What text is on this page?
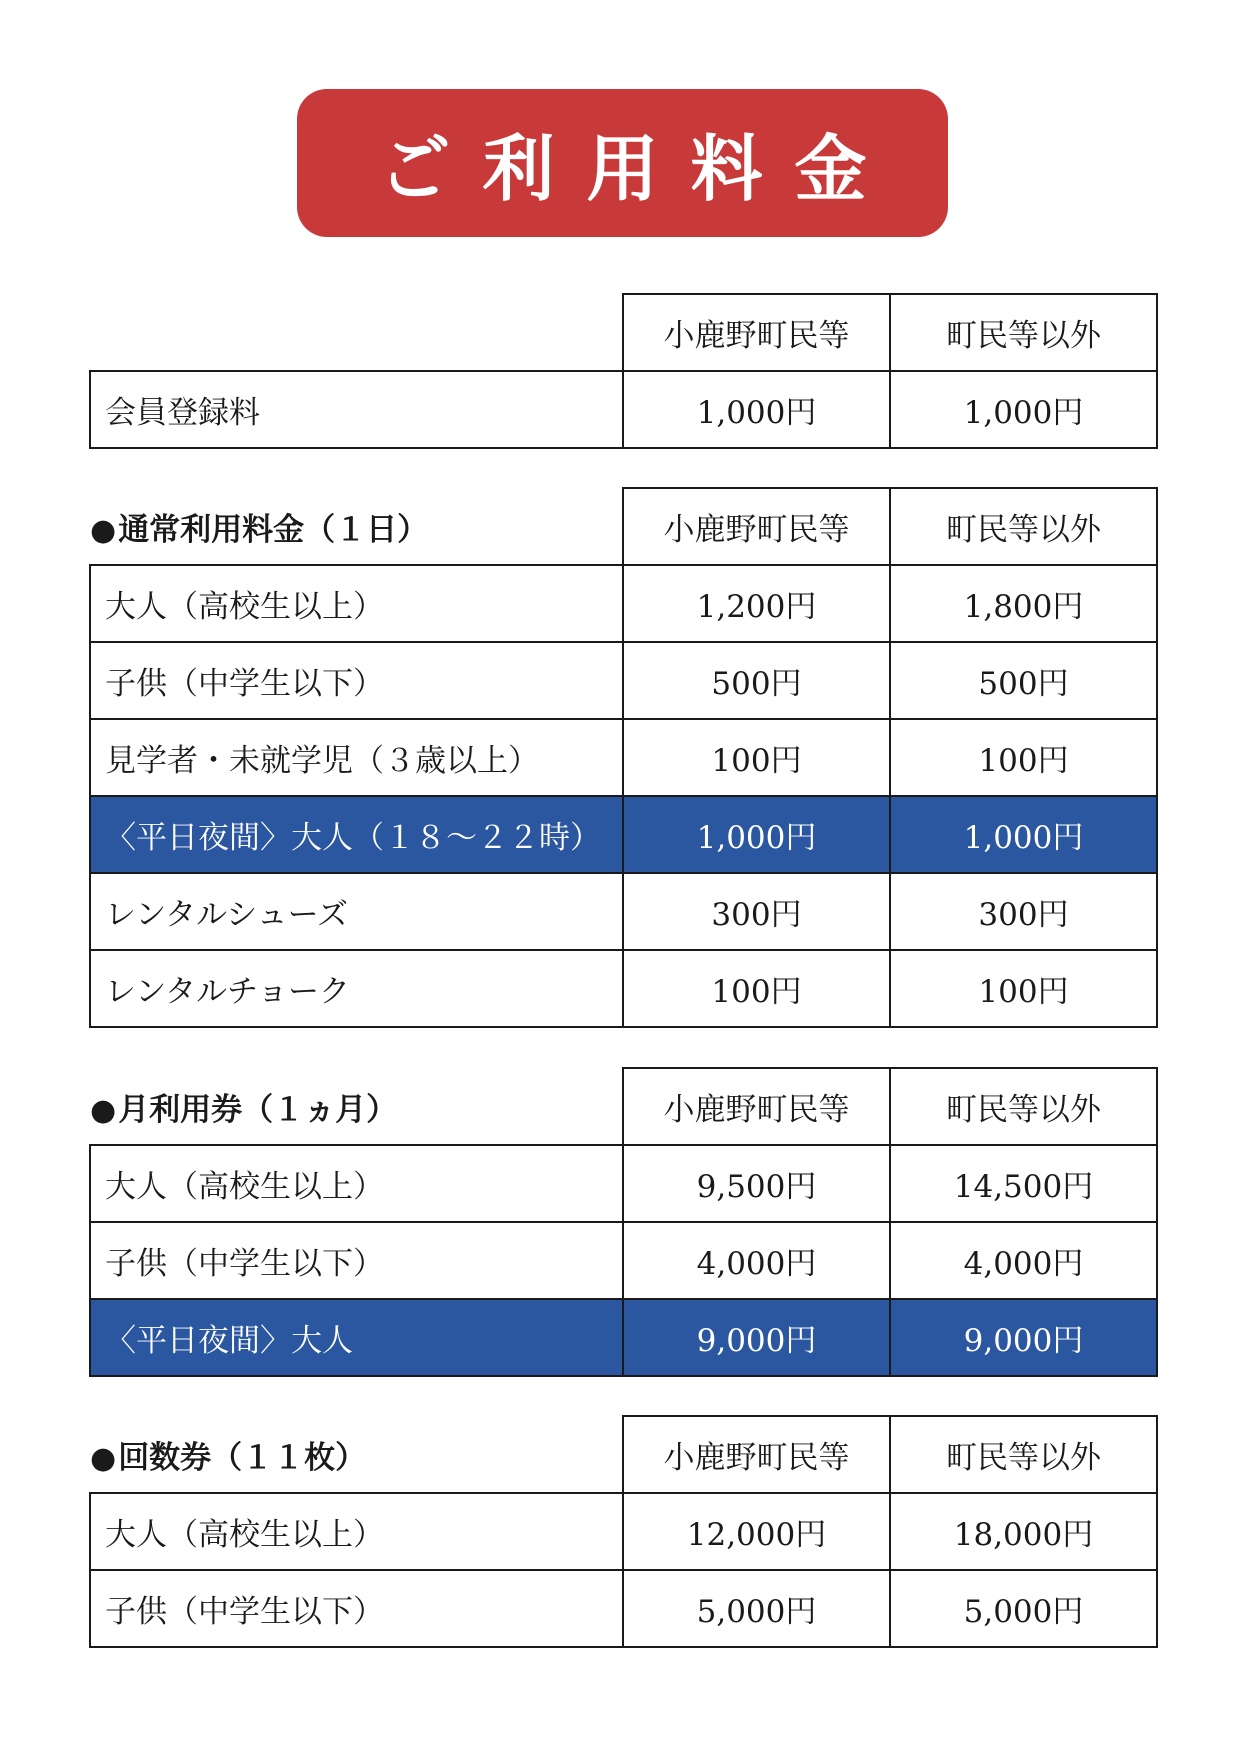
ご利用料金
	小鹿野町民等	町民等以外
会員登録料	1,000円	1,000円
●通常利用料金（１日）	小鹿野町民等	町民等以外
大人（高校生以上）	1,200円	1,800円
子供（中学生以下）	500円	500円
見学者・未就学児（３歳以上）	100円	100円
〈平日夜間〉大人（１８～２２時）	1,000円	1,000円
レンタルシューズ	300円	300円
レンタルチョーク	100円	100円
●月利用券（１ヵ月）	小鹿野町民等	町民等以外
大人（高校生以上）	9,500円	14,500円
子供（中学生以下）	4,000円	4,000円
〈平日夜間〉大人	9,000円	9,000円
●回数券（１１枚）	小鹿野町民等	町民等以外
大人（高校生以上）	12,000円	18,000円
子供（中学生以下）	5,000円	5,000円
